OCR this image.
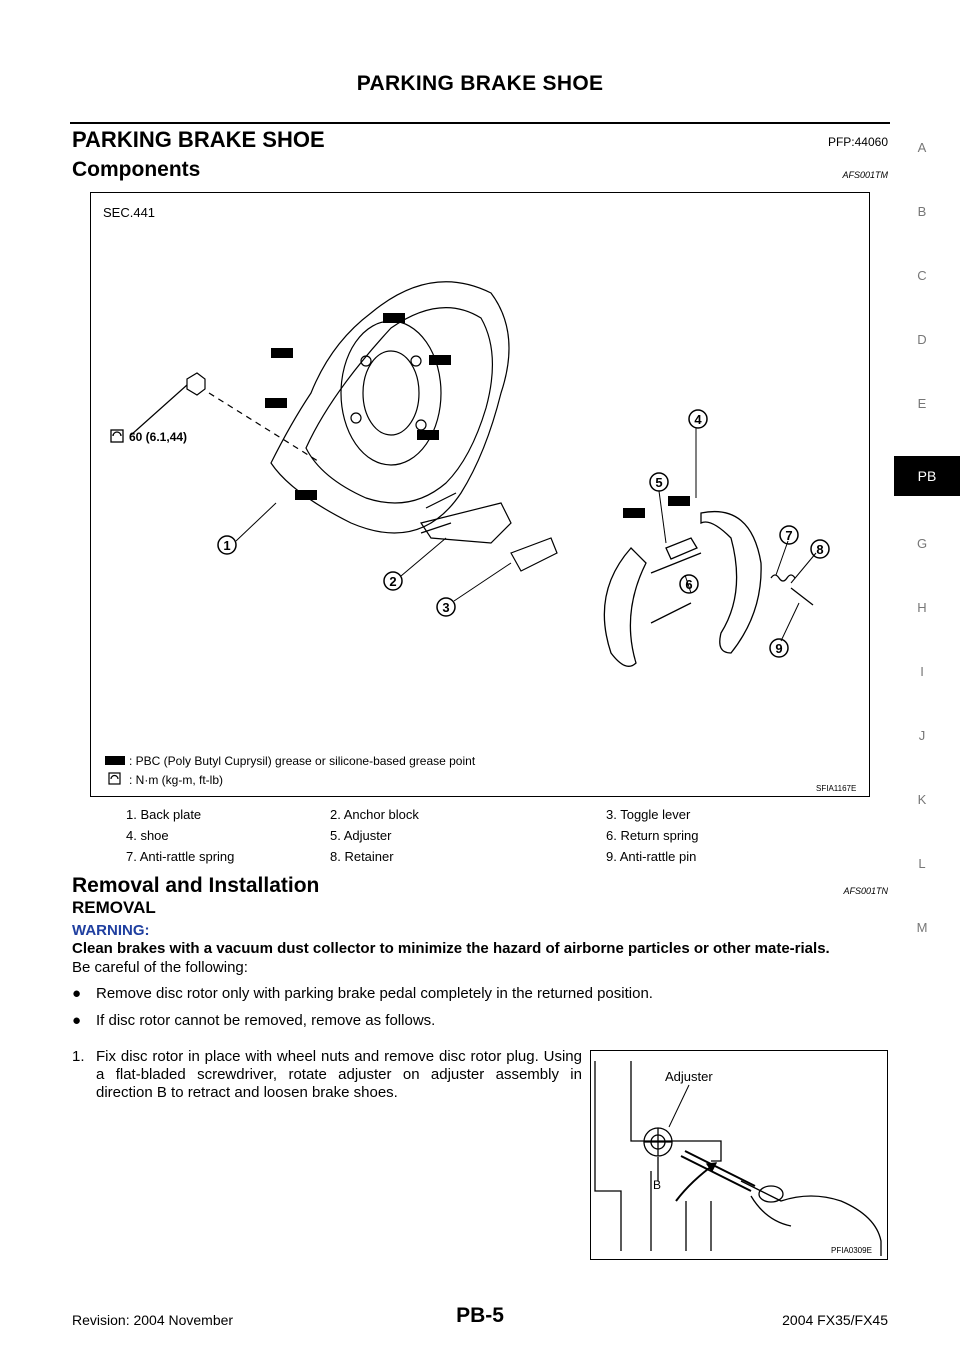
PARKING BRAKE SHOE
PARKING BRAKE SHOE	PFP:44060
Components	AFS001TM
A
B
C
D
E
PB
G
H
I
J
K
L
M
SEC.441
60 (6.1,44)
1
2
3
4
5
6
7
8
9
: PBC (Poly Butyl Cuprysil) grease or silicone-based grease point
: N·m (kg-m, ft-lb)
SFIA1167E
1. Back plate	2. Anchor block	3. Toggle lever
4. shoe	5. Adjuster	6. Return spring
7. Anti-rattle spring	8. Retainer	9. Anti-rattle pin
Removal and Installation	AFS001TN
REMOVAL
WARNING:
Clean brakes with a vacuum dust collector to minimize the hazard of airborne particles or other mate-rials.
Be careful of the following:
● Remove disc rotor only with parking brake pedal completely in the returned position.
● If disc rotor cannot be removed, remove as follows.
1. Fix disc rotor in place with wheel nuts and remove disc rotor plug. Using a flat-bladed screwdriver, rotate adjuster on adjuster assembly in direction B to retract and loosen brake shoes.
Adjuster
B
PFIA0309E
Revision: 2004 November	PB-5	2004 FX35/FX45
